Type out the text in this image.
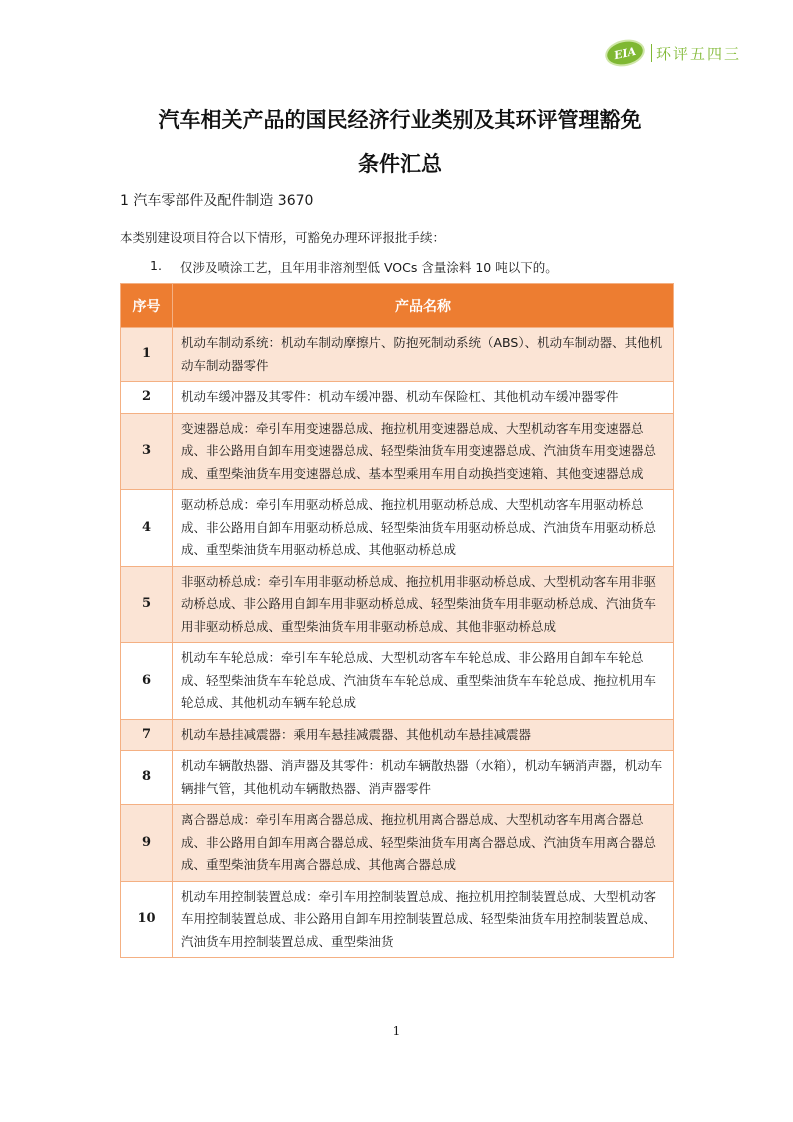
EIA	环评五四三
汽车相关产品的国民经济行业类别及其环评管理豁免
条件汇总
1 汽车零部件及配件制造 3670
本类别建设项目符合以下情形，可豁免办理环评报批手续：
1.	仅涉及喷涂工艺，且年用非溶剂型低 VOCs 含量涂料 10 吨以下的。
序号	产品名称
1	机动车制动系统：机动车制动摩擦片、防抱死制动系统（ABS）、机动车制动器、其他机动车制动器零件
2	机动车缓冲器及其零件：机动车缓冲器、机动车保险杠、其他机动车缓冲器零件
3	变速器总成：牵引车用变速器总成、拖拉机用变速器总成、大型机动客车用变速器总成、非公路用自卸车用变速器总成、轻型柴油货车用变速器总成、汽油货车用变速器总成、重型柴油货车用变速器总成、基本型乘用车用自动换挡变速箱、其他变速器总成
4	驱动桥总成：牵引车用驱动桥总成、拖拉机用驱动桥总成、大型机动客车用驱动桥总成、非公路用自卸车用驱动桥总成、轻型柴油货车用驱动桥总成、汽油货车用驱动桥总成、重型柴油货车用驱动桥总成、其他驱动桥总成
5	非驱动桥总成：牵引车用非驱动桥总成、拖拉机用非驱动桥总成、大型机动客车用非驱动桥总成、非公路用自卸车用非驱动桥总成、轻型柴油货车用非驱动桥总成、汽油货车用非驱动桥总成、重型柴油货车用非驱动桥总成、其他非驱动桥总成
6	机动车车轮总成：牵引车车轮总成、大型机动客车车轮总成、非公路用自卸车车轮总成、轻型柴油货车车轮总成、汽油货车车轮总成、重型柴油货车车轮总成、拖拉机用车轮总成、其他机动车辆车轮总成
7	机动车悬挂减震器：乘用车悬挂减震器、其他机动车悬挂减震器
8	机动车辆散热器、消声器及其零件：机动车辆散热器（水箱），机动车辆消声器，机动车辆排气管，其他机动车辆散热器、消声器零件
9	离合器总成：牵引车用离合器总成、拖拉机用离合器总成、大型机动客车用离合器总成、非公路用自卸车用离合器总成、轻型柴油货车用离合器总成、汽油货车用离合器总成、重型柴油货车用离合器总成、其他离合器总成
10	机动车用控制装置总成：牵引车用控制装置总成、拖拉机用控制装置总成、大型机动客车用控制装置总成、非公路用自卸车用控制装置总成、轻型柴油货车用控制装置总成、汽油货车用控制装置总成、重型柴油货
1
